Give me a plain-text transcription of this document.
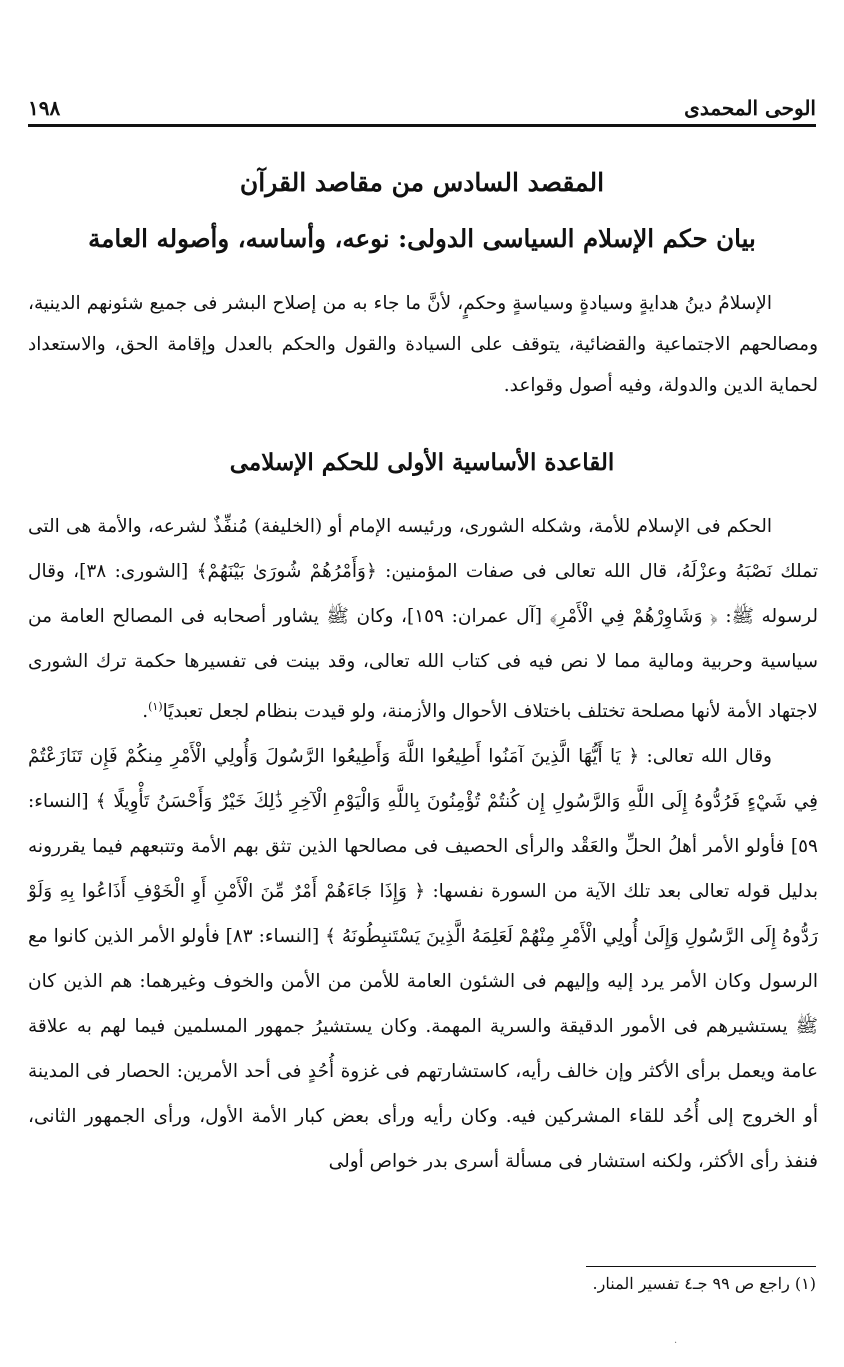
الوحى المحمدى
١٩٨
المقصد السادس من مقاصد القرآن
بيان حكم الإسلام السياسى الدولى: نوعه، وأساسه، وأصوله العامة

الإسلامُ دينُ هدايةٍ وسيادةٍ وسياسةٍ وحكمٍ، لأنَّ ما جاء به من إصلاح البشر فى جميع شئونهم الدينية، ومصالحهم الاجتماعية والقضائية، يتوقف على السيادة والقول والحكم بالعدل وإقامة الحق، والاستعداد لحماية الدين والدولة، وفيه أصول وقواعد.

القاعدة الأساسية الأولى للحكم الإسلامى

الحكم فى الإسلام للأمة، وشكله الشورى، ورئيسه الإمام أو (الخليفة) مُنفِّذٌ لشرعه، والأمة هى التى تملك نَصْبَهُ وعزْلَهُ، قال الله تعالى فى صفات المؤمنين: ﴿وَأَمْرُهُمْ شُورَىٰ بَيْنَهُمْ﴾ [الشورى: ٣٨]، وقال لرسوله ﷺ: ﴿ وَشَاوِرْهُمْ فِي الْأَمْرِ﴾ [آل عمران: ١٥٩]، وكان ﷺ يشاور أصحابه فى المصالح العامة من سياسية وحربية ومالية مما لا نص فيه فى كتاب الله تعالى، وقد بينت فى تفسيرها حكمة ترك الشورى لاجتهاد الأمة لأنها مصلحة تختلف باختلاف الأحوال والأزمنة، ولو قيدت بنظام لجعل تعبديًا$^{(١)}$.

وقال الله تعالى: ﴿ يَا أَيُّهَا الَّذِينَ آمَنُوا أَطِيعُوا اللَّهَ وَأَطِيعُوا الرَّسُولَ وَأُولِي الْأَمْرِ مِنكُمْ فَإِن تَنَازَعْتُمْ فِي شَيْءٍ فَرُدُّوهُ إِلَى اللَّهِ وَالرَّسُولِ إِن كُنتُمْ تُؤْمِنُونَ بِاللَّهِ وَالْيَوْمِ الْآخِرِ ذَٰلِكَ خَيْرٌ وَأَحْسَنُ تَأْوِيلًا ﴾ [النساء: ٥٩] فأولو الأمر أهلُ الحلِّ والعَقْد والرأى الحصيف فى مصالحها الذين تثق بهم الأمة وتتبعهم فيما يقررونه بدليل قوله تعالى بعد تلك الآية من السورة نفسها: ﴿ وَإِذَا جَاءَهُمْ أَمْرٌ مِّنَ الْأَمْنِ أَوِ الْخَوْفِ أَذَاعُوا بِهِ وَلَوْ رَدُّوهُ إِلَى الرَّسُولِ وَإِلَىٰ أُولِي الْأَمْرِ مِنْهُمْ لَعَلِمَهُ الَّذِينَ يَسْتَنبِطُونَهُ ﴾ [النساء: ٨٣] فأولو الأمر الذين كانوا مع الرسول وكان الأمر يرد إليه وإليهم فى الشئون العامة للأمن من الأمن والخوف وغيرهما: هم الذين كان ﷺ يستشيرهم فى الأمور الدقيقة والسرية المهمة. وكان يستشيرُ جمهور المسلمين فيما لهم به علاقة عامة ويعمل برأى الأكثر وإن خالف رأيه، كاستشارتهم فى غزوة أُحُدٍ فى أحد الأمرين: الحصار فى المدينة أو الخروج إلى أُحُد للقاء المشركين فيه. وكان رأيه ورأى بعض كبار الأمة الأول، ورأى الجمهور الثانى، فنفذ رأى الأكثر، ولكنه استشار فى مسألة أسرى بدر خواص أولى

(١) راجع ص ٩٩ جـ٤ تفسير المنار.
·
